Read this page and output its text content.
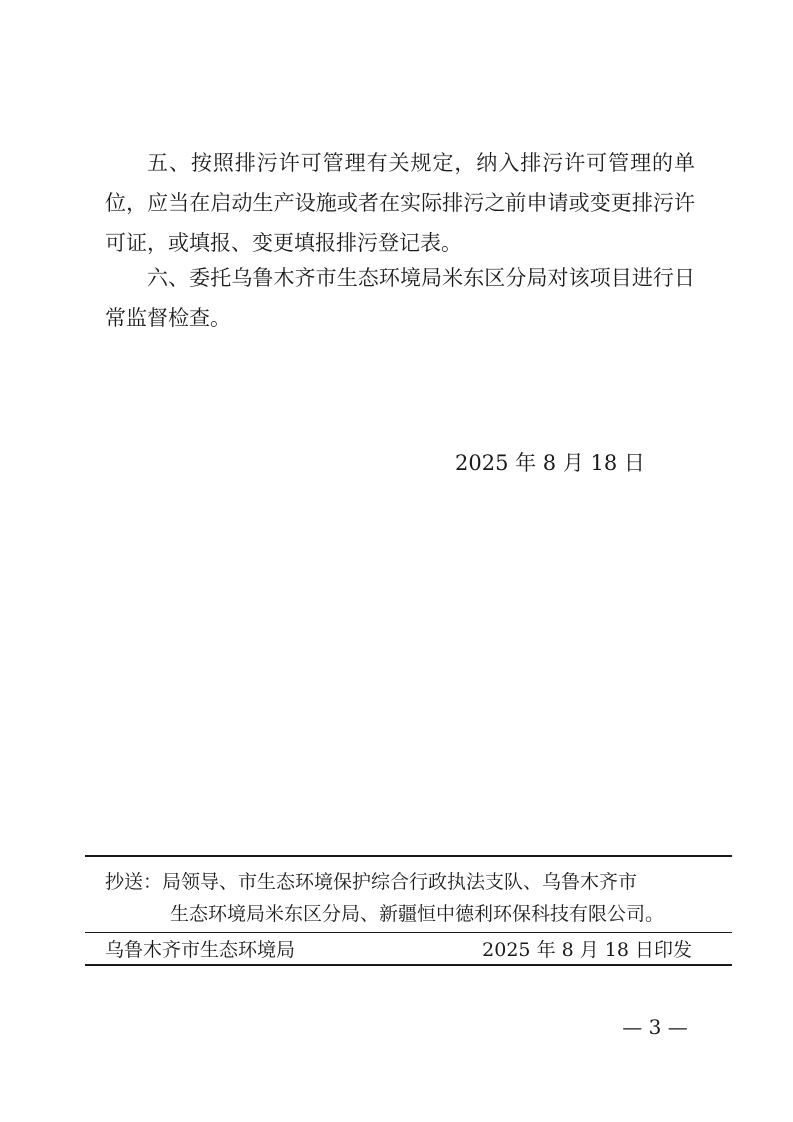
五、按照排污许可管理有关规定，纳入排污许可管理的单位，应当在启动生产设施或者在实际排污之前申请或变更排污许可证，或填报、变更填报排污登记表。

六、委托乌鲁木齐市生态环境局米东区分局对该项目进行日常监督检查。

2025 年 8 月 18 日
抄送：局领导、市生态环境保护综合行政执法支队、乌鲁木齐市
生态环境局米东区分局、新疆恒中德利环保科技有限公司。
乌鲁木齐市生态环境局	2025 年 8 月 18 日印发
— 3 —
